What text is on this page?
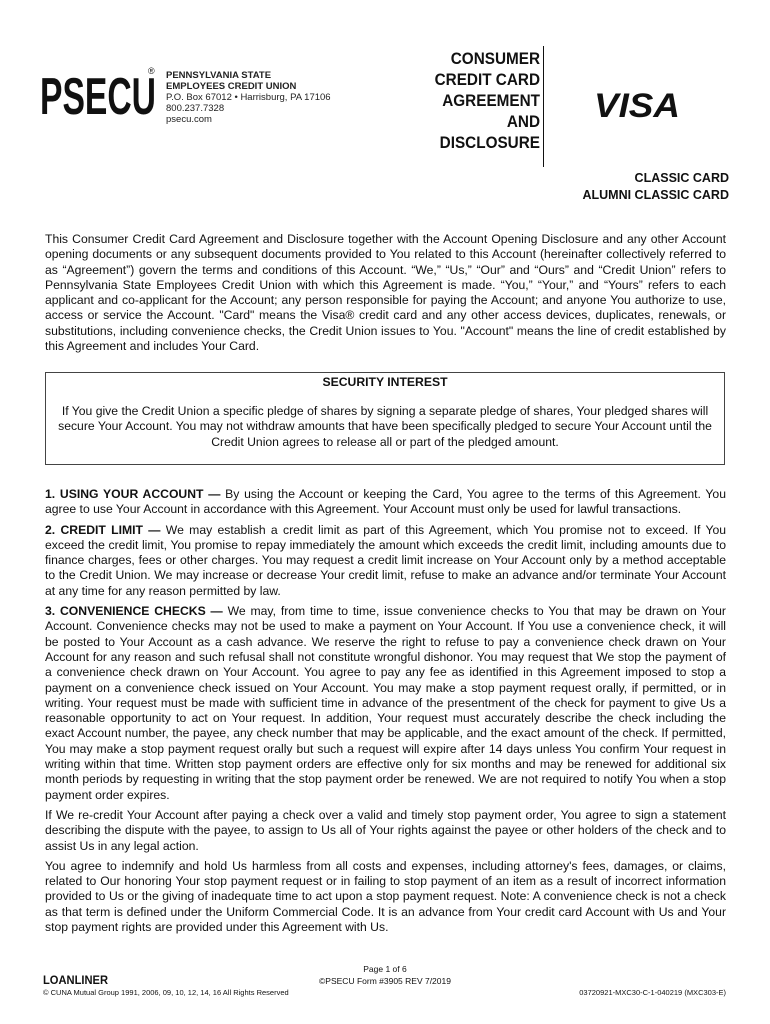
PSECU
® PENNSYLVANIA STATE
EMPLOYEES CREDIT UNION
P.O. Box 67012 • Harrisburg, PA 17106
800.237.7328
psecu.com
CONSUMER
CREDIT CARD
AGREEMENT
AND
DISCLOSURE
VISA
CLASSIC CARD
ALUMNI CLASSIC CARD
This Consumer Credit Card Agreement and Disclosure together with the Account Opening Disclosure and any other Account opening documents or any subsequent documents provided to You related to this Account (hereinafter collectively referred to as “Agreement”) govern the terms and conditions of this Account. “We,” “Us,” “Our” and “Ours” and “Credit Union” refers to Pennsylvania State Employees Credit Union with which this Agreement is made. “You,” “Your,” and “Yours” refers to each applicant and co-applicant for the Account; any person responsible for paying the Account; and anyone You authorize to use, access or service the Account. "Card" means the Visa® credit card and any other access devices, duplicates, renewals, or substitutions, including convenience checks, the Credit Union issues to You. "Account" means the line of credit established by this Agreement and includes Your Card.
SECURITY INTEREST
If You give the Credit Union a specific pledge of shares by signing a separate pledge of shares, Your pledged shares will secure Your Account. You may not withdraw amounts that have been specifically pledged to secure Your Account until the Credit Union agrees to release all or part of the pledged amount.

1. USING YOUR ACCOUNT — By using the Account or keeping the Card, You agree to the terms of this Agreement. You agree to use Your Account in accordance with this Agreement. Your Account must only be used for lawful transactions.

2. CREDIT LIMIT — We may establish a credit limit as part of this Agreement, which You promise not to exceed. If You exceed the credit limit, You promise to repay immediately the amount which exceeds the credit limit, including amounts due to finance charges, fees or other charges. You may request a credit limit increase on Your Account only by a method acceptable to the Credit Union. We may increase or decrease Your credit limit, refuse to make an advance and/or terminate Your Account at any time for any reason permitted by law.

3. CONVENIENCE CHECKS — We may, from time to time, issue convenience checks to You that may be drawn on Your Account. Convenience checks may not be used to make a payment on Your Account. If You use a convenience check, it will be posted to Your Account as a cash advance. We reserve the right to refuse to pay a convenience check drawn on Your Account for any reason and such refusal shall not constitute wrongful dishonor. You may request that We stop the payment of a convenience check drawn on Your Account. You agree to pay any fee as identified in this Agreement imposed to stop a payment on a convenience check issued on Your Account. You may make a stop payment request orally, if permitted, or in writing. Your request must be made with sufficient time in advance of the presentment of the check for payment to give Us a reasonable opportunity to act on Your request. In addition, Your request must accurately describe the check including the exact Account number, the payee, any check number that may be applicable, and the exact amount of the check. If permitted, You may make a stop payment request orally but such a request will expire after 14 days unless You confirm Your request in writing within that time. Written stop payment orders are effective only for six months and may be renewed for additional six month periods by requesting in writing that the stop payment order be renewed. We are not required to notify You when a stop payment order expires.

If We re-credit Your Account after paying a check over a valid and timely stop payment order, You agree to sign a statement describing the dispute with the payee, to assign to Us all of Your rights against the payee or other holders of the check and to assist Us in any legal action.

You agree to indemnify and hold Us harmless from all costs and expenses, including attorney's fees, damages, or claims, related to Our honoring Your stop payment request or in failing to stop payment of an item as a result of incorrect information provided to Us or the giving of inadequate time to act upon a stop payment request. Note: A convenience check is not a check as that term is defined under the Uniform Commercial Code. It is an advance from Your credit card Account with Us and Your stop payment rights are provided under this Agreement with Us.

LOANLINER
© CUNA Mutual Group 1991, 2006, 09, 10, 12, 14, 16 All Rights Reserved
Page 1 of 6
©PSECU Form #3905 REV 7/2019
03720921-MXC30-C-1-040219 (MXC303-E)
